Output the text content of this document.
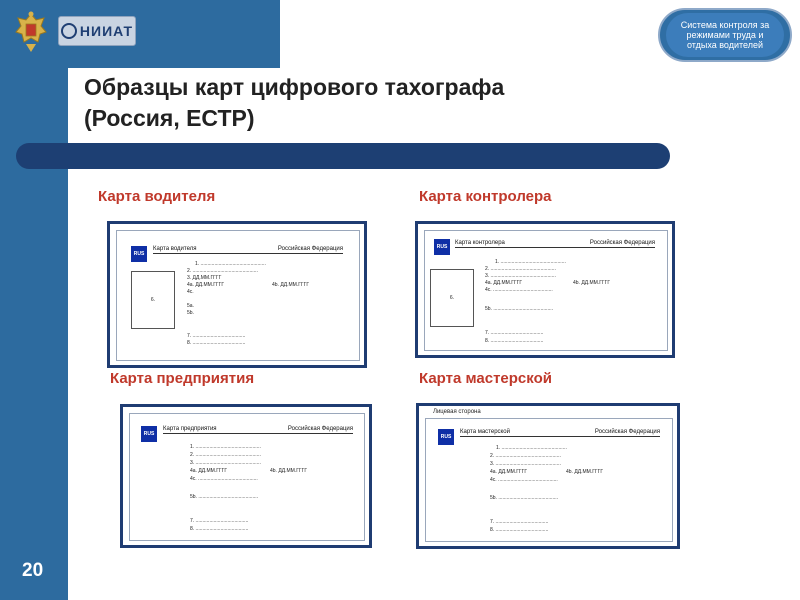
НИИАТ	Система контроля за режимами труда и отдыха водителей
Образцы карт цифрового тахографа
(Россия, ЕСТР)
Карта водителя
RUS
Карта водителя	Российская Федерация
6.
1. ...............................................
2. ...............................................
3. ДД.ММ.ГГГГ
4a. ДД.ММ.ГГГГ	4b. ДД.ММ.ГГГГ
4c.
5a.
5b.
7. ......................................
8. ......................................
Карта контролера
RUS
Карта контролера	Российская Федерация
6.
1. ...............................................
2. ...............................................
3. ...............................................
4a. ДД.ММ.ГГГГ	4b. ДД.ММ.ГГГГ
4c. ...........................................
5b. ...........................................
7. ......................................
8. ......................................
Карта предприятия
RUS
Карта предприятия	Российская Федерация
1. ...............................................
2. ...............................................
3. ...............................................
4a. ДД.ММ.ГГГГ	4b. ДД.ММ.ГГГГ
4c. ...........................................
5b. ...........................................
7. ......................................
8. ......................................
Карта мастерской
Лицевая сторона
RUS
Карта мастерской	Российская Федерация
1. ...............................................
2. ...............................................
3. ...............................................
4a. ДД.ММ.ГГГГ	4b. ДД.ММ.ГГГГ
4c. ...........................................
5b. ...........................................
7. ......................................
8. ......................................
20
